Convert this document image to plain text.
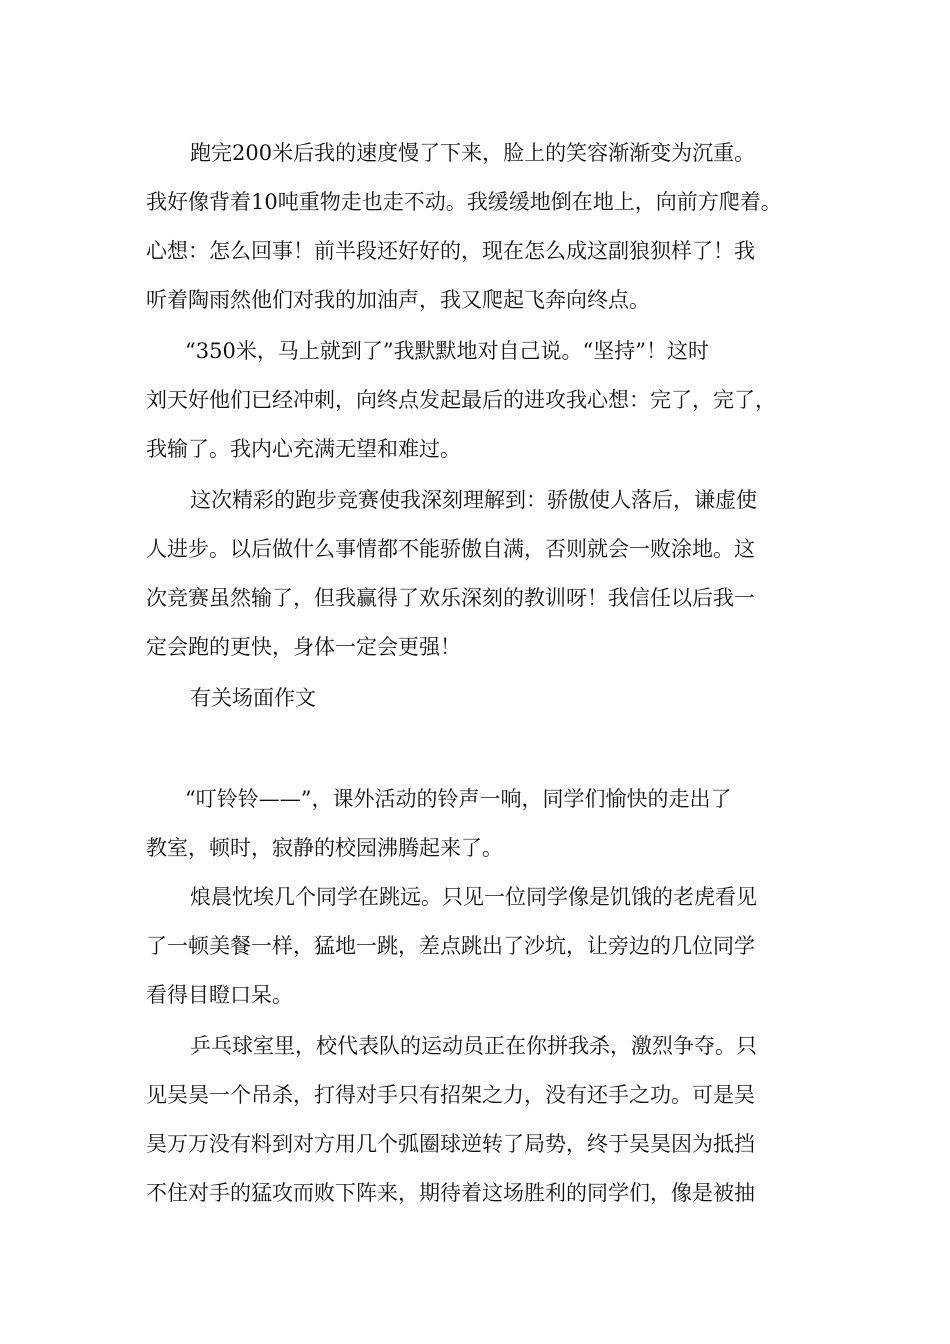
跑完200米后我的速度慢了下来，脸上的笑容渐渐变为沉重。
我好像背着10吨重物走也走不动。我缓缓地倒在地上，向前方爬着。
心想：怎么回事！前半段还好好的，现在怎么成这副狼狈样了！我
听着陶雨然他们对我的加油声，我又爬起飞奔向终点。
“350米，马上就到了”我默默地对自己说。“坚持”！这时
刘天好他们已经冲刺，向终点发起最后的进攻我心想：完了，完了，
我输了。我内心充满无望和难过。
这次精彩的跑步竞赛使我深刻理解到：骄傲使人落后，谦虚使
人进步。以后做什么事情都不能骄傲自满，否则就会一败涂地。这
次竞赛虽然输了，但我赢得了欢乐深刻的教训呀！我信任以后我一
定会跑的更快，身体一定会更强！
有关场面作文
“叮铃铃——”，课外活动的铃声一响，同学们愉快的走出了
教室，顿时，寂静的校园沸腾起来了。
烺晨忱埃几个同学在跳远。只见一位同学像是饥饿的老虎看见
了一顿美餐一样，猛地一跳，差点跳出了沙坑，让旁边的几位同学
看得目瞪口呆。
乒乓球室里，校代表队的运动员正在你拼我杀，激烈争夺。只
见吴昊一个吊杀，打得对手只有招架之力，没有还手之功。可是吴
昊万万没有料到对方用几个弧圈球逆转了局势，终于吴昊因为抵挡
不住对手的猛攻而败下阵来，期待着这场胜利的同学们，像是被抽
